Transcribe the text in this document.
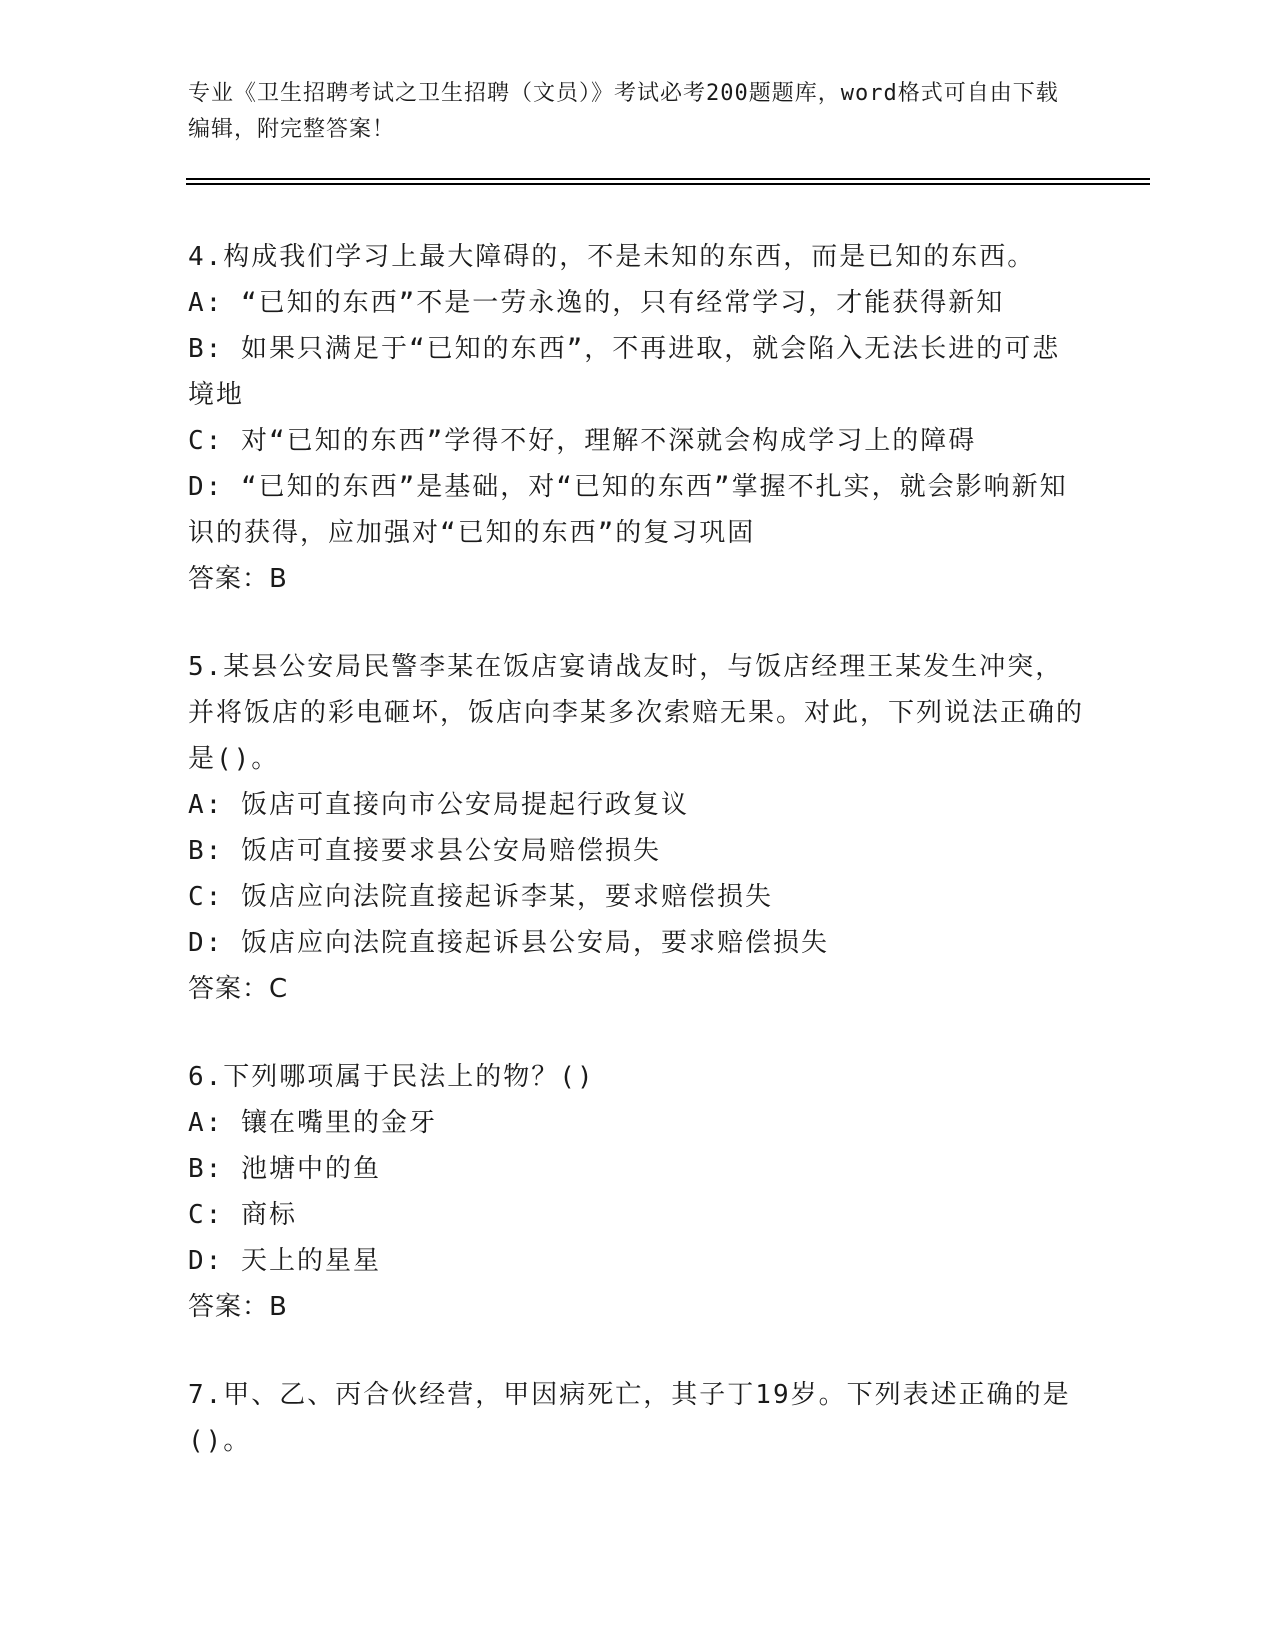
专业《卫生招聘考试之卫生招聘（文员）》考试必考200题题库，word格式可自由下载编辑，附完整答案！
4.构成我们学习上最大障碍的，不是未知的东西，而是已知的东西。
A: “已知的东西”不是一劳永逸的，只有经常学习，才能获得新知
B: 如果只满足于“已知的东西”，不再进取，就会陷入无法长进的可悲境地
C: 对“已知的东西”学得不好，理解不深就会构成学习上的障碍
D: “已知的东西”是基础，对“已知的东西”掌握不扎实，就会影响新知识的获得，应加强对“已知的东西”的复习巩固
答案：B
5.某县公安局民警李某在饭店宴请战友时，与饭店经理王某发生冲突，并将饭店的彩电砸坏，饭店向李某多次索赔无果。对此，下列说法正确的是()。
A: 饭店可直接向市公安局提起行政复议
B: 饭店可直接要求县公安局赔偿损失
C: 饭店应向法院直接起诉李某，要求赔偿损失
D: 饭店应向法院直接起诉县公安局，要求赔偿损失
答案：C
6.下列哪项属于民法上的物？()
A: 镶在嘴里的金牙
B: 池塘中的鱼
C: 商标
D: 天上的星星
答案：B
7.甲、乙、丙合伙经营，甲因病死亡，其子丁19岁。下列表述正确的是()。
